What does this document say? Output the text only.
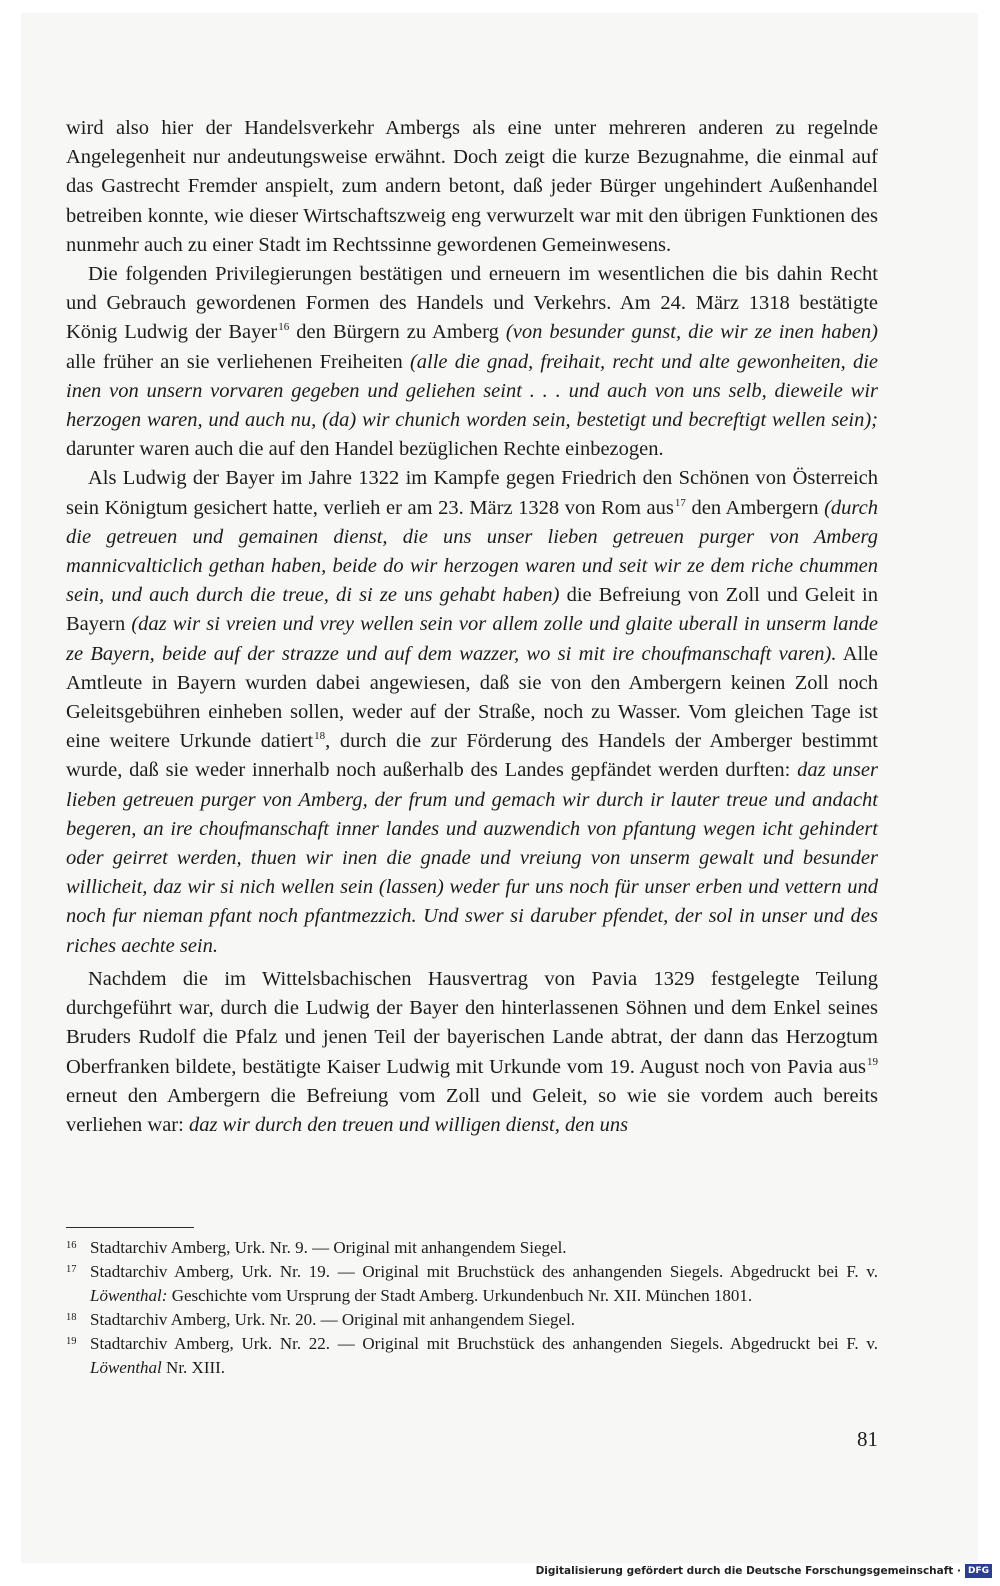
wird also hier der Handelsverkehr Ambergs als eine unter mehreren anderen zu regelnde Angelegenheit nur andeutungsweise erwähnt. Doch zeigt die kurze Bezugnahme, die einmal auf das Gastrecht Fremder anspielt, zum andern betont, daß jeder Bürger ungehindert Außenhandel betreiben konnte, wie dieser Wirtschaftszweig eng verwurzelt war mit den übrigen Funktionen des nunmehr auch zu einer Stadt im Rechtssinne gewordenen Gemeinwesens.

Die folgenden Privilegierungen bestätigen und erneuern im wesentlichen die bis dahin Recht und Gebrauch gewordenen Formen des Handels und Verkehrs. Am 24. März 1318 bestätigte König Ludwig der Bayer$^{16}$ den Bürgern zu Amberg (von besunder gunst, die wir ze inen haben) alle früher an sie verliehenen Freiheiten (alle die gnad, freihait, recht und alte gewonheiten, die inen von unsern vorvaren gegeben und geliehen seint . . . und auch von uns selb, dieweile wir herzogen waren, und auch nu, (da) wir chunich worden sein, bestetigt und becreftigt wellen sein); darunter waren auch die auf den Handel bezüglichen Rechte einbezogen.

Als Ludwig der Bayer im Jahre 1322 im Kampfe gegen Friedrich den Schönen von Österreich sein Königtum gesichert hatte, verlieh er am 23. März 1328 von Rom aus$^{17}$ den Ambergern (durch die getreuen und gemainen dienst, die uns unser lieben getreuen purger von Amberg mannicvalticlich gethan haben, beide do wir herzogen waren und seit wir ze dem riche chummen sein, und auch durch die treue, di si ze uns gehabt haben) die Befreiung von Zoll und Geleit in Bayern (daz wir si vreien und vrey wellen sein vor allem zolle und glaite uberall in unserm lande ze Bayern, beide auf der strazze und auf dem wazzer, wo si mit ire choufmanschaft varen). Alle Amtleute in Bayern wurden dabei angewiesen, daß sie von den Ambergern keinen Zoll noch Geleitsgebühren einheben sollen, weder auf der Straße, noch zu Wasser. Vom gleichen Tage ist eine weitere Urkunde datiert$^{18}$, durch die zur Förderung des Handels der Amberger bestimmt wurde, daß sie weder innerhalb noch außerhalb des Landes gepfändet werden durften: daz unser lieben getreuen purger von Amberg, der frum und gemach wir durch ir lauter treue und andacht begeren, an ire choufmanschaft inner landes und auzwendich von pfantung wegen icht gehindert oder geirret werden, thuen wir inen die gnade und vreiung von unserm gewalt und besunder willicheit, daz wir si nich wellen sein (lassen) weder fur uns noch für unser erben und vettern und noch fur nieman pfant noch pfantmezzich. Und swer si daruber pfendet, der sol in unser und des riches aechte sein.

Nachdem die im Wittelsbachischen Hausvertrag von Pavia 1329 festgelegte Teilung durchgeführt war, durch die Ludwig der Bayer den hinterlassenen Söhnen und dem Enkel seines Bruders Rudolf die Pfalz und jenen Teil der bayerischen Lande abtrat, der dann das Herzogtum Oberfranken bildete, bestätigte Kaiser Ludwig mit Urkunde vom 19. August noch von Pavia aus$^{19}$ erneut den Ambergern die Befreiung vom Zoll und Geleit, so wie sie vordem auch bereits verliehen war: daz wir durch den treuen und willigen dienst, den uns

16 Stadtarchiv Amberg, Urk. Nr. 9. — Original mit anhangendem Siegel.
17 Stadtarchiv Amberg, Urk. Nr. 19. — Original mit Bruchstück des anhangenden Siegels. Abgedruckt bei F. v. Löwenthal: Geschichte vom Ursprung der Stadt Amberg. Urkundenbuch Nr. XII. München 1801.
18 Stadtarchiv Amberg, Urk. Nr. 20. — Original mit anhangendem Siegel.
19 Stadtarchiv Amberg, Urk. Nr. 22. — Original mit Bruchstück des anhangenden Siegels. Abgedruckt bei F. v. Löwenthal Nr. XIII.
81
Digitalisierung gefördert durch die Deutsche Forschungsgemeinschaft · DFG
